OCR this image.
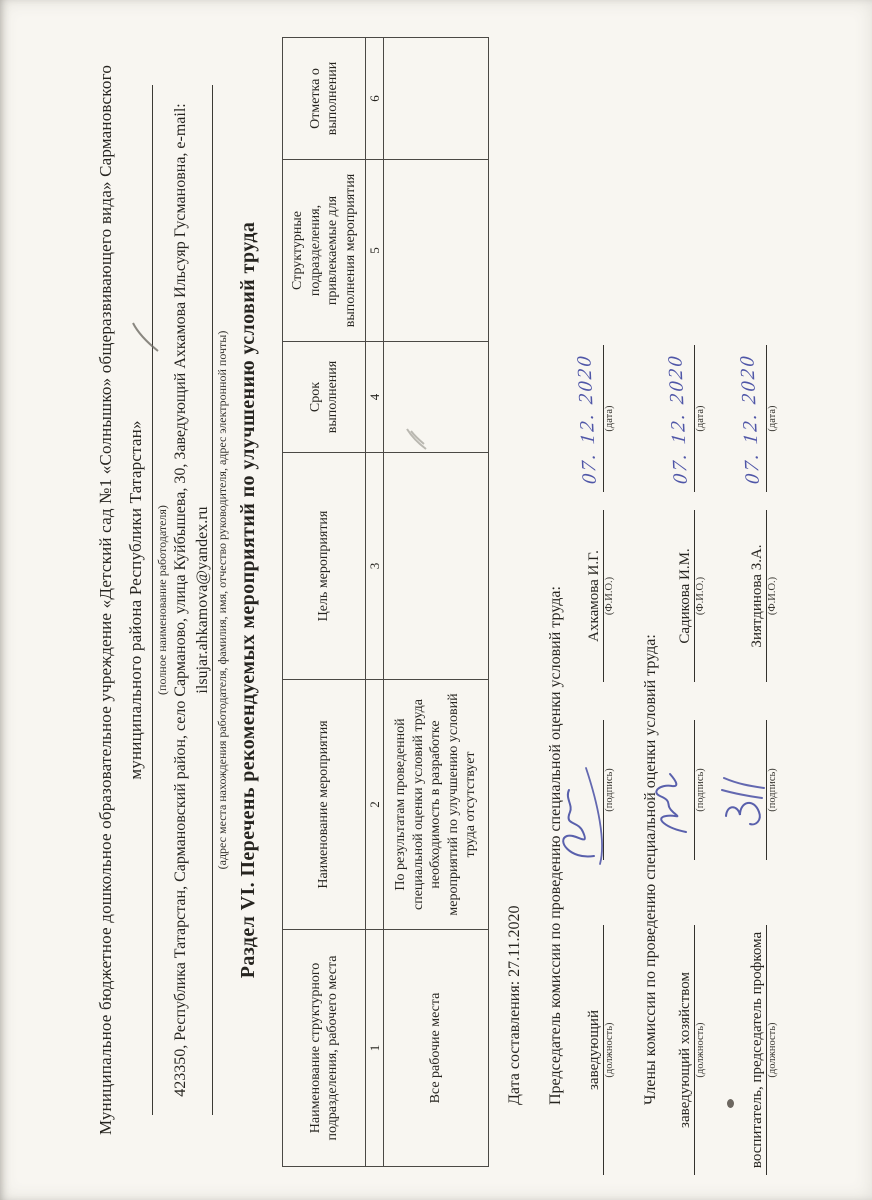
Муниципальное бюджетное дошкольное образовательное учреждение «Детский сад №1 «Солнышко» общеразвивающего вида» Сармановского муниципального района Республики Татарстан» (полное наименование работодателя) 423350, Республика Татарстан, Сармановский район, село Сарманово, улица Куйбышева, 30, Заведующий Ахкамова Ильсуяр Гусмановна, e-mail: ilsujar.ahkamova@yandex.ru (адрес места нахождения работодателя, фамилия, имя, отчество руководителя, адрес электронной почты) Раздел VI. Перечень рекомендуемых мероприятий по улучшению условий труда
Наименование структурного подразделения, рабочего места	Наименование мероприятия	Цель мероприятия	Срок выполнения	Структурные подразделения, привлекаемые для выполнения мероприятия	Отметка о выполнении
1	2	3	4	5	6
Все рабочие места	По результатам проведенной специальной оценки условий труда необходимость в разработке мероприятий по улучшению условий труда отсутствует				
Дата составления: 27.11.2020 Председатель комиссии по проведению специальной оценки условий труда:	заведующий (должность)
(подпись)
Ахкамова И.Г. (Ф.И.О.)
(дата)
07. 12. 2020
Члены комиссии по проведению специальной оценки условий труда:	заведующий хозяйством (должность)
(подпись)
Садикова И.М. (Ф.И.О.)
(дата)
07. 12. 2020
воспитатель, председатель профкома (должность)
(подпись)
Зиятдинова З.А. (Ф.И.О.)
(дата)
07. 12. 2020
